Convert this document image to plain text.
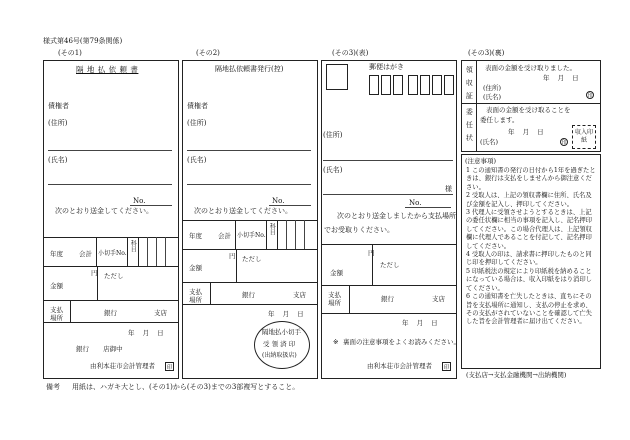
様式第46号(第79条関係)
(その1)	(その2)	(その3)(表)	(その3)(裏)
隔 地 払 依 頼 書
債権者
(住所)
(氏名)
No.
次のとおり送金してください。
年度 会計 小切手No.
科目
円 ただし
金額
支払場所
銀行	支店
年 月 日
銀行 店御中
由利本荘市会計管理者	印
隔地払依頼書発行(控)
債権者
(住所)
(氏名)
No.
次のとおり送金してください。
年度 会計 小切手No.
科目
円 ただし
金額
支払場所
銀行	支店
年 月 日
隔地払小切手
受 領 済 印
(出納取扱店)
郵便はがき
(住所)
(氏名)
様
No.
次のとおり送金しましたから支払場所
でお受取りください。
円
ただし
金額
支払場所	銀行	支店
年 月 日
※ 裏面の注意事項をよくお読みください。
由利本荘市会計管理者	印
領収証 表面の金額を受け取りました。
年 月 日
(住所)
(氏名)	印
委任状 表面の金額を受け取ることを
委任します。
年 月 日
(氏名)	印
収入印紙
(注意事項)
1 この通知書の発行の日付から1年を過ぎたときは、銀行は支払をしませんから御注意ください。
2 受取人は、上記の領収書欄に住所、氏名及び金額を記入し、押印してください。
3 代理人に受領させようとするときは、上記の委任状欄に相当の事項を記入し、記名押印してください。この場合代理人は、上記領収欄に代理人であることを付記して、記名押印してください。
4 受取人の印は、請求書に押印したものと同じ印を押印してください。
5 印紙税法の規定により印紙税を納めることになっている場合は、収入印紙をはり消印してください。
6 この通知書を亡失したときは、直ちにその旨を支払場所に通知し、支払の停止を求め、その支払がされていないことを確認して亡失した旨を会計管理者に届け出てください。
(支払店→支払金融機関→出納機関)
備考 用紙は、ハガキ大とし、(その1)から(その3)までの3部複写とすること。
